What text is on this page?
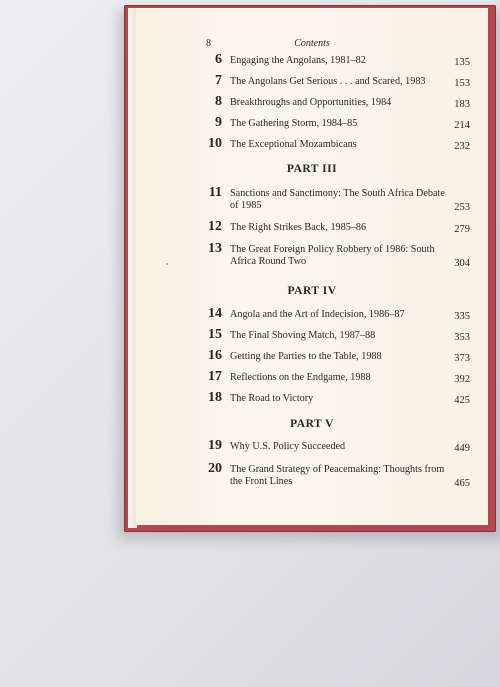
8	Contents
6 Engaging the Angolans, 1981–82	135
7 The Angolans Get Serious . . . and Scared, 1983	153
8 Breakthroughs and Opportunities, 1984	183
9 The Gathering Storm, 1984–85	214
10 The Exceptional Mozambicans	232
PART III
11 Sanctions and Sanctimony: The South Africa Debate of 1985	253
12 The Right Strikes Back, 1985–86	279
13 The Great Foreign Policy Robbery of 1986: South Africa Round Two	304
PART IV
14 Angola and the Art of Indecision, 1986–87	335
15 The Final Shoving Match, 1987–88	353
16 Getting the Parties to the Table, 1988	373
17 Reflections on the Endgame, 1988	392
18 The Road to Victory	425
PART V
19 Why U.S. Policy Succeeded	449
20 The Grand Strategy of Peacemaking: Thoughts from the Front Lines	465
